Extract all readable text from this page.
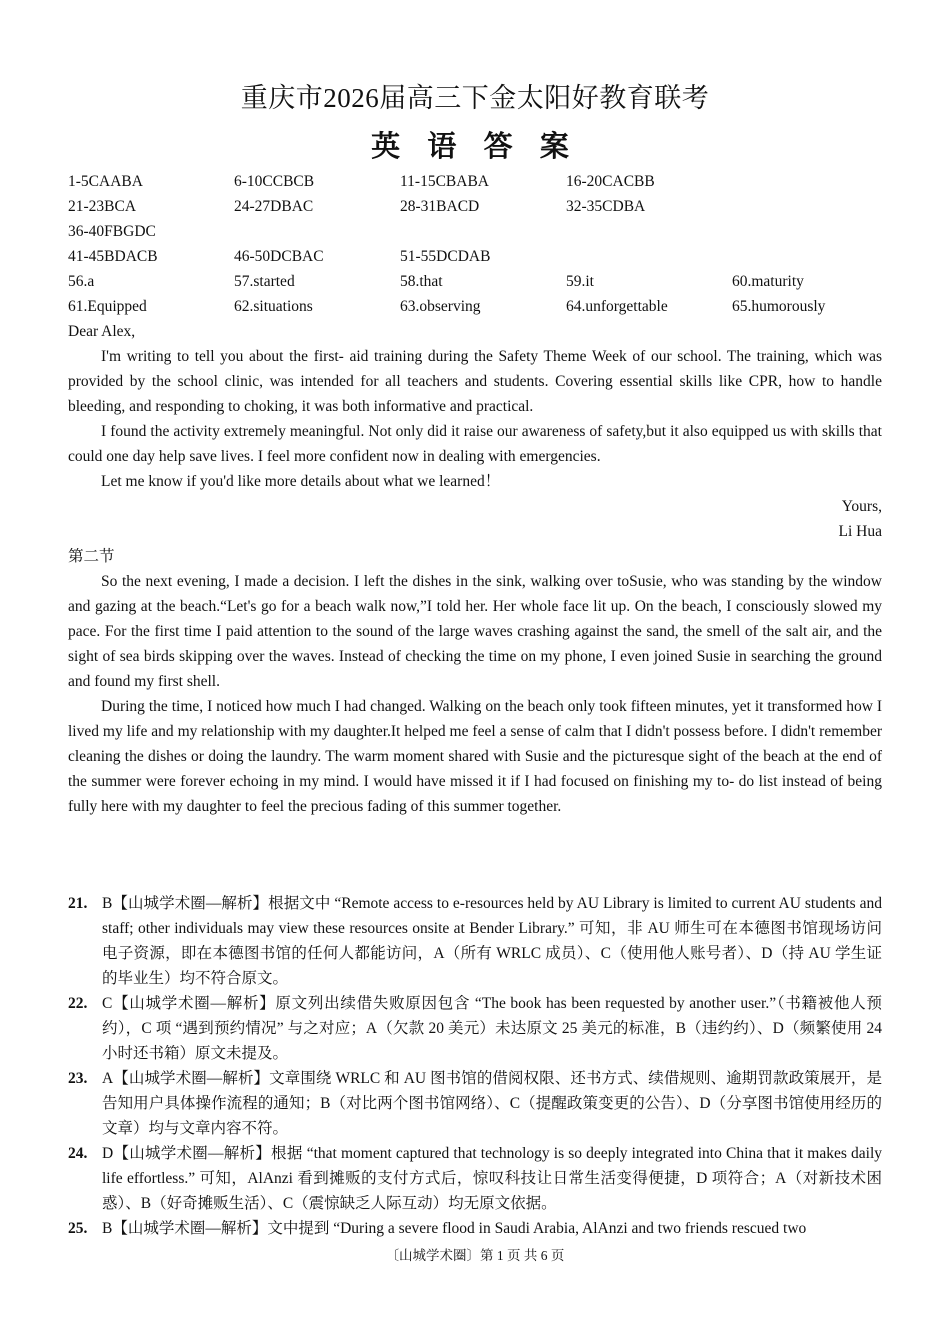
重庆市2026届高三下金太阳好教育联考
英 语 答 案
1-5CAABA	6-10CCBCB	11-15CBABA	16-20CACBB
21-23BCA	24-27DBAC	28-31BACD	32-35CDBA
36-40FBGDC
41-45BDACB	46-50DCBAC	51-55DCDAB
56.a	57.started	58.that	59.it	60.maturity
61.Equipped	62.situations	63.observing	64.unforgettable	65.humorously

Dear Alex,

I'm writing to tell you about the first- aid training during the Safety Theme Week of our school. The training, which was provided by the school clinic, was intended for all teachers and students. Covering essential skills like CPR, how to handle bleeding, and responding to choking, it was both informative and practical.

I found the activity extremely meaningful. Not only did it raise our awareness of safety,but it also equipped us with skills that could one day help save lives. I feel more confident now in dealing with emergencies.

Let me know if you'd like more details about what we learned！

Yours,

Li Hua

第二节

So the next evening, I made a decision. I left the dishes in the sink, walking over toSusie, who was standing by the window and gazing at the beach.“Let's go for a beach walk now,”I told her. Her whole face lit up. On the beach, I consciously slowed my pace. For the first time I paid attention to the sound of the large waves crashing against the sand, the smell of the salt air, and the sight of sea birds skipping over the waves. Instead of checking the time on my phone, I even joined Susie in searching the ground and found my first shell.

During the time, I noticed how much I had changed. Walking on the beach only took fifteen minutes, yet it transformed how I lived my life and my relationship with my daughter.It helped me feel a sense of calm that I didn't possess before. I didn't remember cleaning the dishes or doing the laundry. The warm moment shared with Susie and the picturesque sight of the beach at the end of the summer were forever echoing in my mind. I would have missed it if I had focused on finishing my to- do list instead of being fully here with my daughter to feel the precious fading of this summer together.

21. B【山城学术圈—解析】根据文中 “Remote access to e-resources held by AU Library is limited to current AU students and staff; other individuals may view these resources onsite at Bender Library.” 可知，非 AU 师生可在本德图书馆现场访问电子资源，即在本德图书馆的任何人都能访问，A（所有 WRLC 成员）、C（使用他人账号者）、D（持 AU 学生证的毕业生）均不符合原文。
22. C【山城学术圈—解析】原文列出续借失败原因包含 “The book has been requested by another user.”（书籍被他人预约），C 项 “遇到预约情况” 与之对应；A（欠款 20 美元）未达原文 25 美元的标准，B（违约约）、D（频繁使用 24 小时还书箱）原文未提及。
23. A【山城学术圈—解析】文章围绕 WRLC 和 AU 图书馆的借阅权限、还书方式、续借规则、逾期罚款政策展开，是告知用户具体操作流程的通知；B（对比两个图书馆网络）、C（提醒政策变更的公告）、D（分享图书馆使用经历的文章）均与文章内容不符。
24. D【山城学术圈—解析】根据 “that moment captured that technology is so deeply integrated into China that it makes daily life effortless.” 可知，AlAnzi 看到摊贩的支付方式后，惊叹科技让日常生活变得便捷，D 项符合；A（对新技术困惑）、B（好奇摊贩生活）、C（震惊缺乏人际互动）均无原文依据。
25. B【山城学术圈—解析】文中提到 “During a severe flood in Saudi Arabia, AlAnzi and two friends rescued two
〔山城学术圈〕第 1 页 共 6 页
